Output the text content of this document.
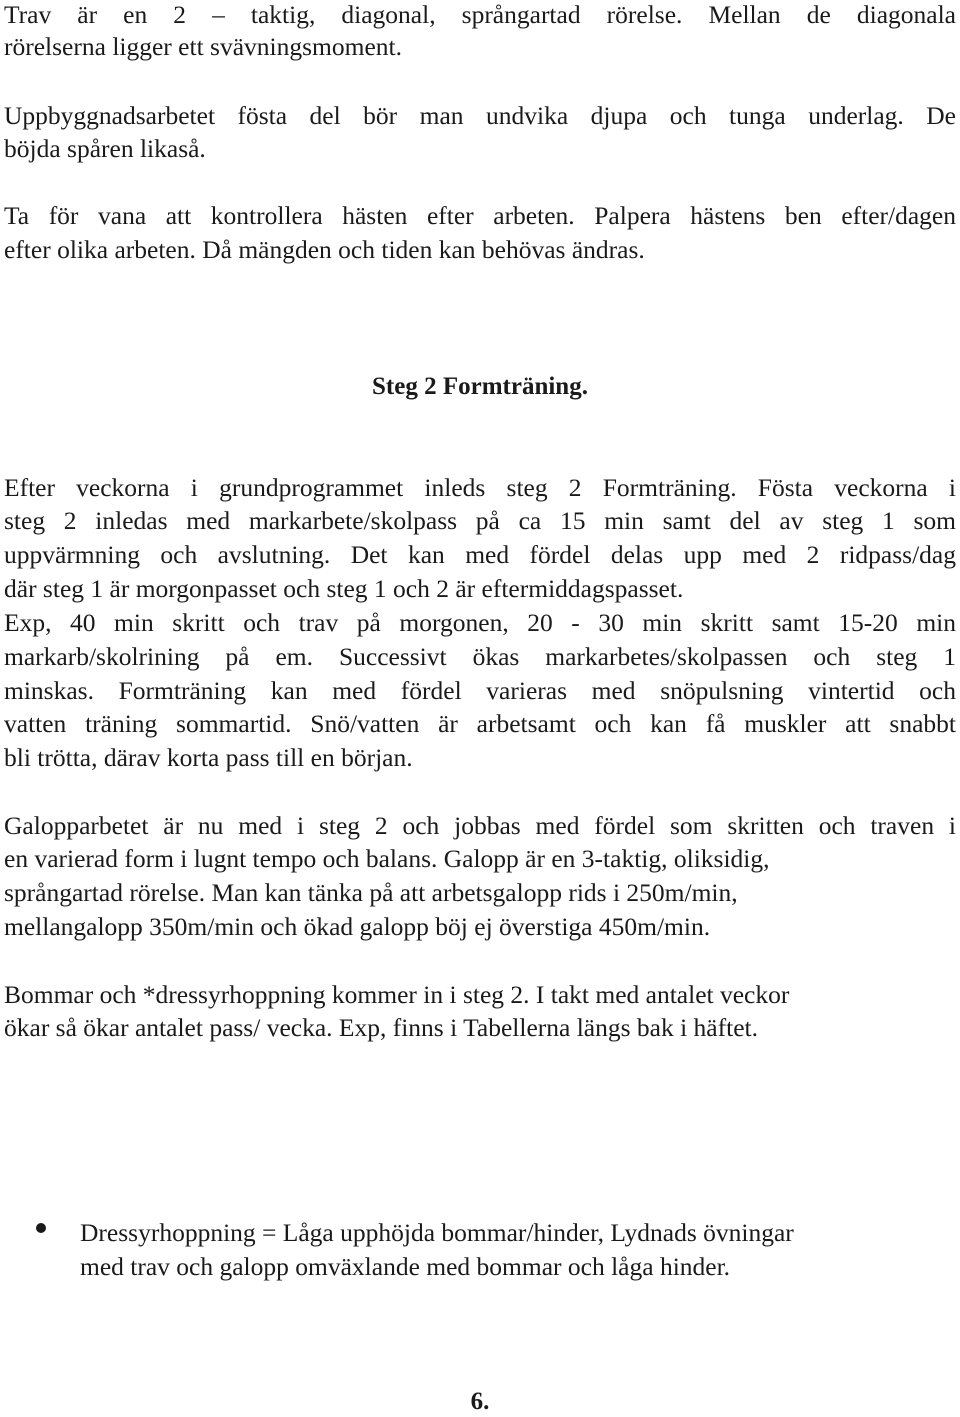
Trav är en 2 – taktig, diagonal, språngartad rörelse. Mellan de diagonala
rörelserna ligger ett svävningsmoment.
Uppbyggnadsarbetet fösta del bör man undvika djupa och tunga underlag. De
böjda spåren likaså.
Ta för vana att kontrollera hästen efter arbeten. Palpera hästens ben efter/dagen
efter olika arbeten. Då mängden och tiden kan behövas ändras.
Steg 2 Formträning.
Efter veckorna i grundprogrammet inleds steg 2 Formträning. Fösta veckorna i
steg 2 inledas med markarbete/skolpass på ca 15 min samt del av steg 1 som
uppvärmning och avslutning. Det kan med fördel delas upp med 2 ridpass/dag
där steg 1 är morgonpasset och steg 1 och 2 är eftermiddagspasset.
Exp, 40 min skritt och trav på morgonen, 20 - 30 min skritt samt 15-20 min
markarb/skolrining på em. Successivt ökas markarbetes/skolpassen och steg 1
minskas. Formträning kan med fördel varieras med snöpulsning vintertid och
vatten träning sommartid. Snö/vatten är arbetsamt och kan få muskler att snabbt
bli trötta, därav korta pass till en början.
Galopparbetet är nu med i steg 2 och jobbas med fördel som skritten och traven i
en varierad form i lugnt tempo och balans. Galopp är en 3-taktig, oliksidig,
språngartad rörelse. Man kan tänka på att arbetsgalopp rids i 250m/min,
mellangalopp 350m/min och ökad galopp böj ej överstiga 450m/min.
Bommar och *dressyrhoppning kommer in i steg 2. I takt med antalet veckor
ökar så ökar antalet pass/ vecka. Exp, finns i Tabellerna längs bak i häftet.
Dressyrhoppning = Låga upphöjda bommar/hinder, Lydnads övningar
med trav och galopp omväxlande med bommar och låga hinder.
6.
